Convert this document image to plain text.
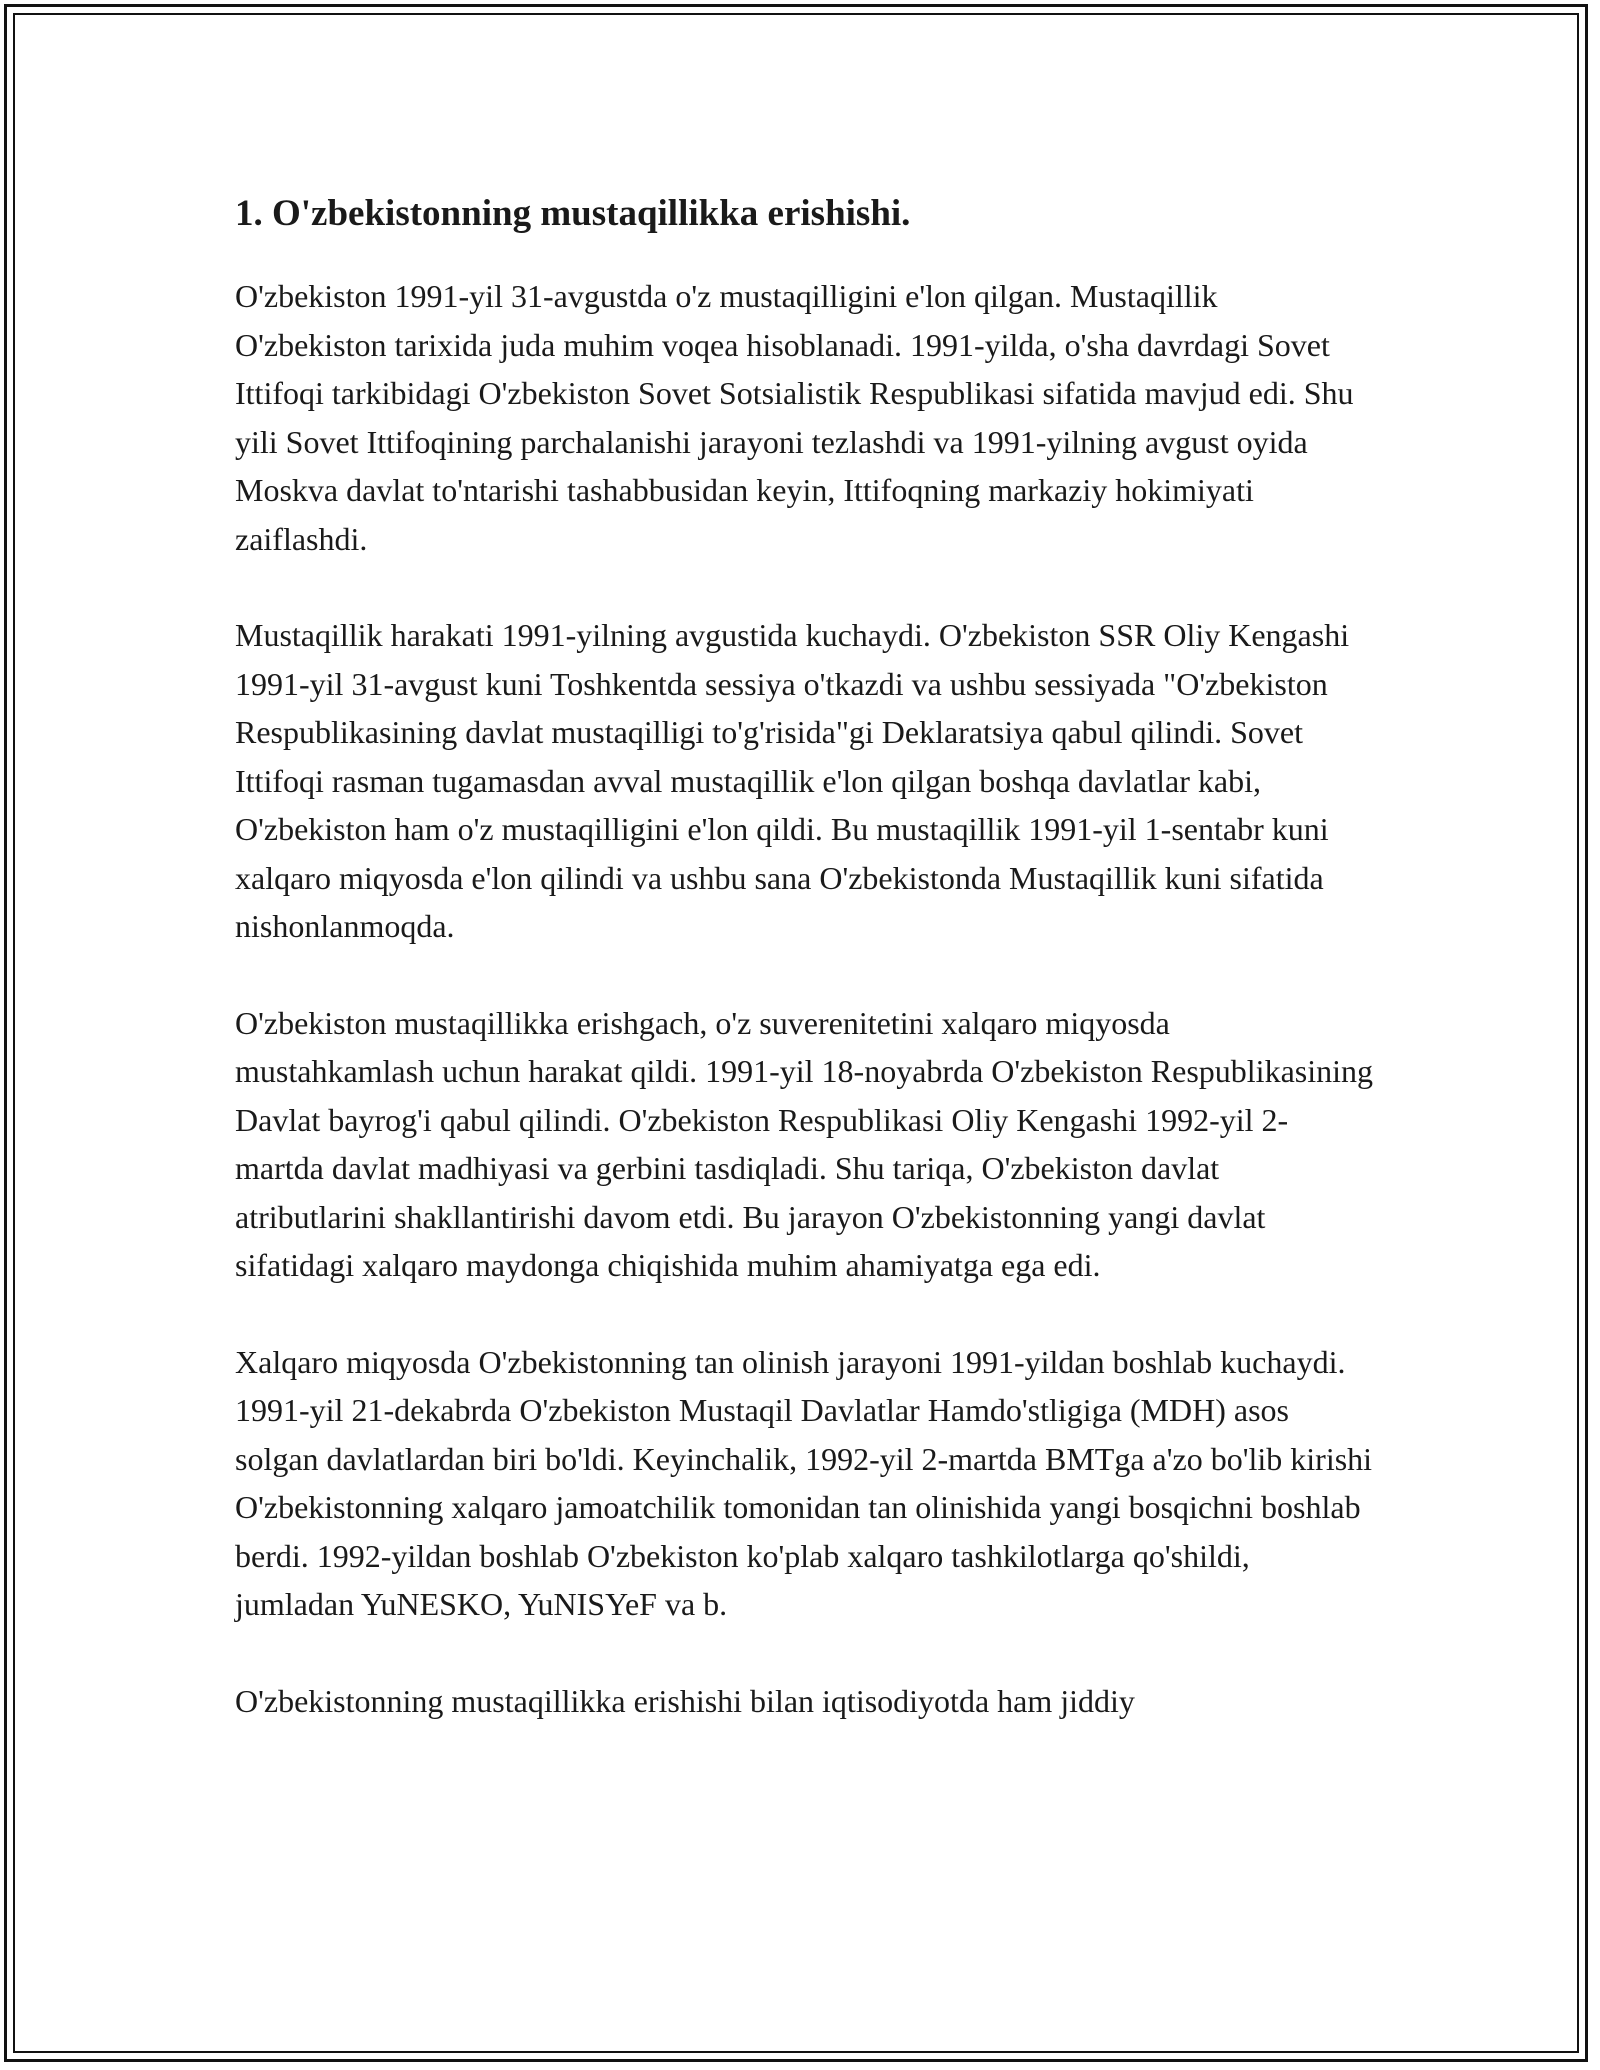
1. O'zbekistonning mustaqillikka erishishi.

O'zbekiston 1991-yil 31-avgustda o'z mustaqilligini e'lon qilgan. Mustaqillik O'zbekiston tarixida juda muhim voqea hisoblanadi. 1991-yilda, o'sha davrdagi Sovet Ittifoqi tarkibidagi O'zbekiston Sovet Sotsialistik Respublikasi sifatida mavjud edi. Shu yili Sovet Ittifoqining parchalanishi jarayoni tezlashdi va 1991-yilning avgust oyida Moskva davlat to'ntarishi tashabbusidan keyin, Ittifoqning markaziy hokimiyati zaiflashdi.

Mustaqillik harakati 1991-yilning avgustida kuchaydi. O'zbekiston SSR Oliy Kengashi 1991-yil 31-avgust kuni Toshkentda sessiya o'tkazdi va ushbu sessiyada "O'zbekiston Respublikasining davlat mustaqilligi to'g'risida"gi Deklaratsiya qabul qilindi. Sovet Ittifoqi rasman tugamasdan avval mustaqillik e'lon qilgan boshqa davlatlar kabi, O'zbekiston ham o'z mustaqilligini e'lon qildi. Bu mustaqillik 1991-yil 1-sentabr kuni xalqaro miqyosda e'lon qilindi va ushbu sana O'zbekistonda Mustaqillik kuni sifatida nishonlanmoqda.

O'zbekiston mustaqillikka erishgach, o'z suverenitetini xalqaro miqyosda mustahkamlash uchun harakat qildi. 1991-yil 18-noyabrda O'zbekiston Respublikasining Davlat bayrog'i qabul qilindi. O'zbekiston Respublikasi Oliy Kengashi 1992-yil 2-martda davlat madhiyasi va gerbini tasdiqladi. Shu tariqa, O'zbekiston davlat atributlarini shakllantirishi davom etdi. Bu jarayon O'zbekistonning yangi davlat sifatidagi xalqaro maydonga chiqishida muhim ahamiyatga ega edi.

Xalqaro miqyosda O'zbekistonning tan olinish jarayoni 1991-yildan boshlab kuchaydi. 1991-yil 21-dekabrda O'zbekiston Mustaqil Davlatlar Hamdo'stligiga (MDH) asos solgan davlatlardan biri bo'ldi. Keyinchalik, 1992-yil 2-martda BMTga a'zo bo'lib kirishi O'zbekistonning xalqaro jamoatchilik tomonidan tan olinishida yangi bosqichni boshlab berdi. 1992-yildan boshlab O'zbekiston ko'plab xalqaro tashkilotlarga qo'shildi, jumladan YuNESKO, YuNISYeF va b.

O'zbekistonning mustaqillikka erishishi bilan iqtisodiyotda ham jiddiy
